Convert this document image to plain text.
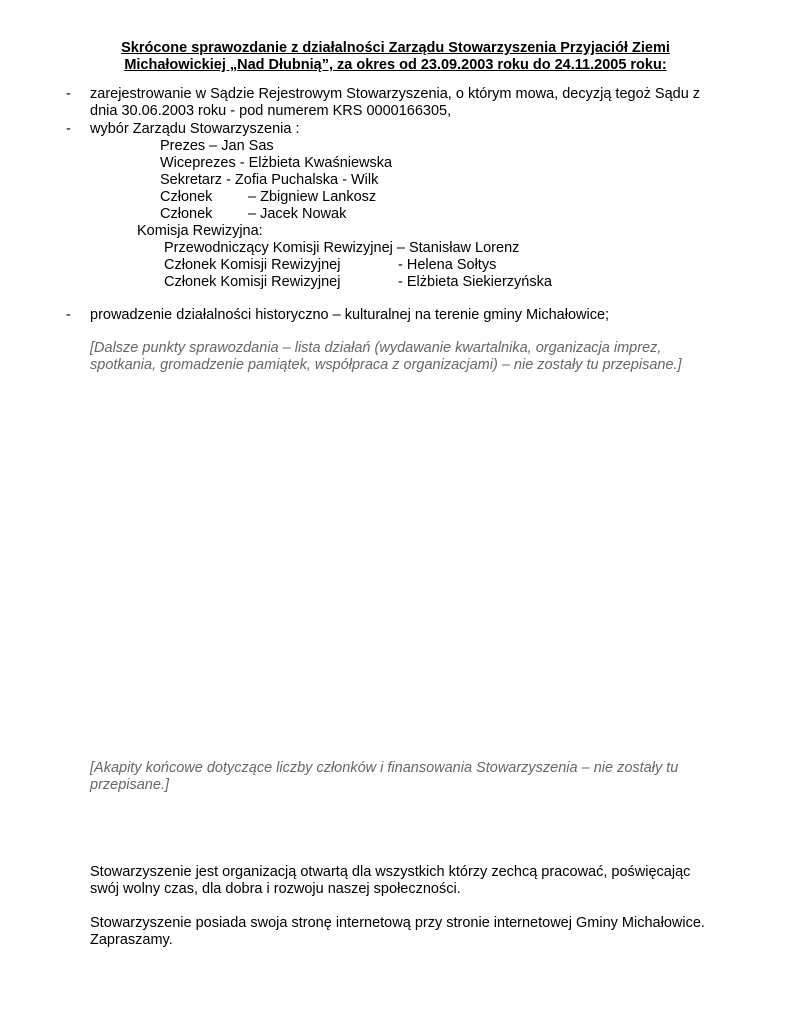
Skrócone sprawozdanie z działalności Zarządu Stowarzyszenia Przyjaciół Ziemi
Michałowickiej „Nad Dłubnią”, za okres od 23.09.2003 roku do 24.11.2005 roku:
- zarejestrowanie w Sądzie Rejestrowym Stowarzyszenia, o którym mowa, decyzją tegoż Sądu z dnia 30.06.2003 roku - pod numerem KRS 0000166305,
- wybór Zarządu Stowarzyszenia :
Prezes – Jan Sas
Wiceprezes - Elżbieta Kwaśniewska
Sekretarz - Zofia Puchalska - Wilk
Członek – Zbigniew Lankosz
Członek – Jacek Nowak
Komisja Rewizyjna:
Przewodniczący Komisji Rewizyjnej – Stanisław Lorenz
Członek Komisji Rewizyjnej	- Helena Sołtys
Członek Komisji Rewizyjnej	- Elżbieta Siekierzyńska
- prowadzenie działalności historyczno – kulturalnej na terenie gminy Michałowice;
[Dalsze punkty sprawozdania – lista działań (wydawanie kwartalnika, organizacja imprez, spotkania, gromadzenie pamiątek, współpraca z organizacjami) – nie zostały tu przepisane.]
[Akapity końcowe dotyczące liczby członków i finansowania Stowarzyszenia – nie zostały tu przepisane.]
Stowarzyszenie jest organizacją otwartą dla wszystkich którzy zechcą pracować, poświęcając swój wolny czas, dla dobra i rozwoju naszej społeczności.
Stowarzyszenie posiada swoja stronę internetową przy stronie internetowej Gminy Michałowice. Zapraszamy.
